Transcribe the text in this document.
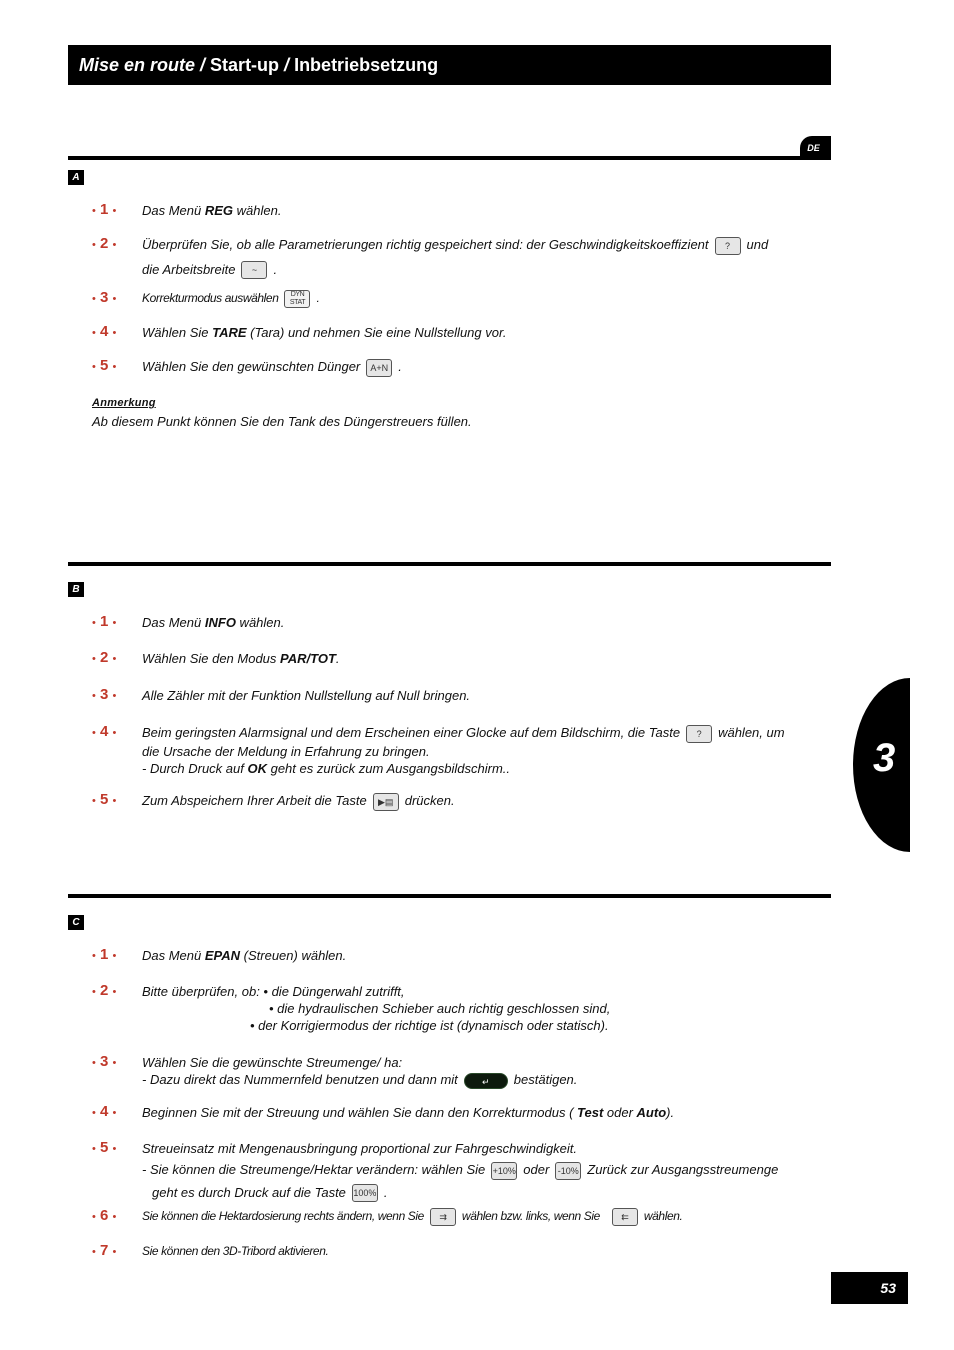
Mise en route / Start-up / Inbetriebsetzung
DE
A
• 1 •	Das Menü REG wählen.
• 2 •	Überprüfen Sie, ob alle Parametrierungen richtig gespeichert sind: der Geschwindigkeitskoeffizient ? und
die Arbeitsbreite ~ .
• 3 •	Korrekturmodus auswählen	DYN
STAT .
• 4 •	Wählen Sie TARE (Tara) und nehmen Sie eine Nullstellung vor.
• 5 •	Wählen Sie den gewünschten Dünger A+N .
Anmerkung
Ab diesem Punkt können Sie den Tank des Düngerstreuers füllen.
B
• 1 •	Das Menü INFO wählen.
• 2 •	Wählen Sie den Modus PAR/TOT.
• 3 •	Alle Zähler mit der Funktion Nullstellung auf Null bringen.
• 4 •	Beim geringsten Alarmsignal und dem Erscheinen einer Glocke auf dem Bildschirm, die Taste ? wählen, um
die Ursache der Meldung in Erfahrung zu bringen.
- Durch Druck auf OK geht es zurück zum Ausgangsbildschirm..
• 5 •	Zum Abspeichern Ihrer Arbeit die Taste ▶▤ drücken.
3
C
• 1 •	Das Menü EPAN (Streuen) wählen.
• 2 •	Bitte überprüfen, ob: • die Düngerwahl zutrifft,
• die hydraulischen Schieber auch richtig geschlossen sind,
• der Korrigiermodus der richtige ist (dynamisch oder statisch).
• 3 •	Wählen Sie die gewünschte Streumenge/ ha:
- Dazu direkt das Nummernfeld benutzen und dann mit	↵ bestätigen.
• 4 •	Beginnen Sie mit der Streuung und wählen Sie dann den Korrekturmodus ( Test oder Auto).
• 5 •	Streueinsatz mit Mengenausbringung proportional zur Fahrgeschwindigkeit.
- Sie können die Streumenge/Hektar verändern: wählen Sie +10% oder -10% Zurück zur Ausgangsstreumenge
geht es durch Druck auf die Taste 100% .
• 6 •	Sie können die Hektardosierung rechts ändern, wenn Sie ⇉ wählen bzw. links, wenn Sie ⇇ wählen.
• 7 •	Sie können den 3D-Tribord aktivieren.
53
